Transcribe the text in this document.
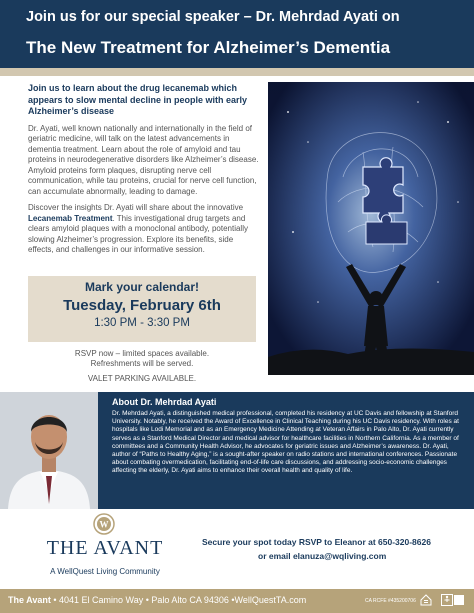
Join us for our special speaker – Dr. Mehrdad Ayati on
The New Treatment for Alzheimer’s Dementia
Join us to learn about the drug lecanemab which appears to slow mental decline in people with early Alzheimer’s disease

Dr. Ayati, well known nationally and internationally in the field of geriatric medicine, will talk on the latest advancements in dementia treatment. Learn about the role of amyloid and tau proteins in neurodegenerative disorders like Alzheimer’s disease. Amyloid proteins form plaques, disrupting nerve cell communication, while tau proteins, crucial for nerve cell function, can accumulate abnormally, leading to damage.

Discover the insights Dr. Ayati will share about the innovative Lecanemab Treatment. This investigational drug targets and clears amyloid plaques with a monoclonal antibody, potentially slowing Alzheimer’s progression. Explore its benefits, side effects, and challenges in our informative session.

Mark your calendar!
Tuesday, February 6th
1:30 PM - 3:30 PM
RSVP now – limited spaces available.
Refreshments will be served.
VALET PARKING AVAILABLE.
About Dr. Mehrdad Ayati
Dr. Mehrdad Ayati, a distinguished medical professional, completed his residency at UC Davis and fellowship at Stanford University. Notably, he received the Award of Excellence in Clinical Teaching during his UC Davis residency. With roles at hospitals like Lodi Memorial and as an Emergency Medicine Attending at Veteran Affairs in Palo Alto, Dr. Ayati currently serves as a Stanford Medical Director and medical advisor for healthcare facilities in Northern California. As a member of committees and a Community Health Advisor, he advocates for geriatric issues and Alzheimer’s awareness. Dr. Ayati, author of “Paths to Healthy Aging,” is a sought-after speaker on radio stations and international conferences. Passionate about combating overmedication, facilitating end-of-life care discussions, and addressing socio-economic challenges affecting the elderly, Dr. Ayati aims to enhance their overall health and quality of life.
W
THE AVANT
A WellQuest Living Community
Secure your spot today RSVP to Eleanor at 650-320-8626
or email elanuza@wqliving.com
The Avant • 4041 El Camino Way • Palo Alto CA 94306 •WellQuestTA.com	CA RCFE #435200706
